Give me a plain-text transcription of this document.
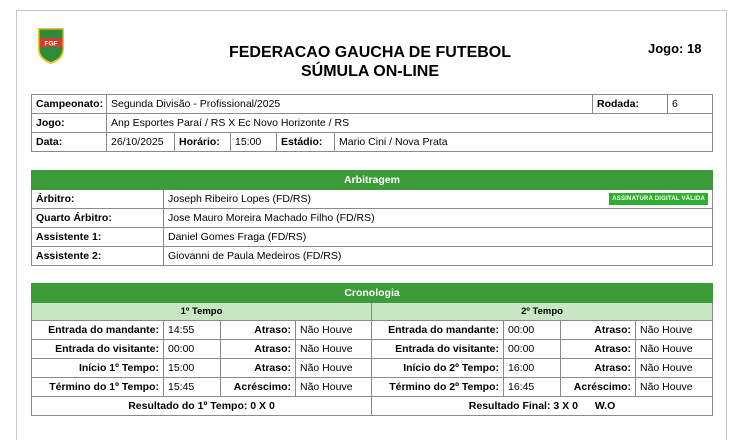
FGF
FEDERACAO GAUCHA DE FUTEBOL
SÚMULA ON-LINE
Jogo: 18
Campeonato:	Segunda Divisão - Profissional/2025					Rodada:	6
Jogo:	Anp Esportes Paraí / RS X Ec Novo Horizonte / RS						
Data:	26/10/2025	Horário:	15:00	Estádio:	Mario Cini / Nova Prata		
Arbitragem	
Árbitro:	Joseph Ribeiro Lopes (FD/RS) ASSINATURA DIGITAL VÁLIDA

Quarto Árbitro:	Jose Mauro Moreira Machado Filho (FD/RS)
Assistente 1:	Daniel Gomes Fraga (FD/RS)
Assistente 2:	Giovanni de Paula Medeiros (FD/RS)
Cronologia							
1º Tempo				2º Tempo			
Entrada do mandante:	14:55	Atraso:	Não Houve	Entrada do mandante:	00:00	Atraso:	Não Houve
Entrada do visitante:	00:00	Atraso:	Não Houve	Entrada do visitante:	00:00	Atraso:	Não Houve
Início 1º Tempo:	15:00	Atraso:	Não Houve	Início do 2º Tempo:	16:00	Atraso:	Não Houve
Término do 1º Tempo:	15:45	Acréscimo:	Não Houve	Término do 2º Tempo:	16:45	Acréscimo:	Não Houve
Resultado do 1º Tempo: 0 X 0				Resultado Final: 3 X 0 W.O			
